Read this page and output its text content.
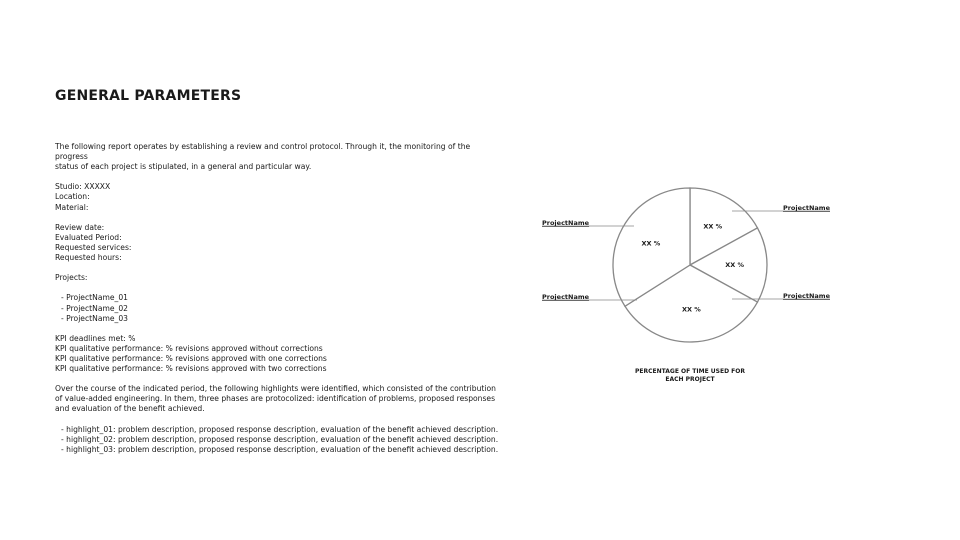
GENERAL PARAMETERS

The following report operates by establishing a review and control protocol. Through it, the monitoring of the progress

status of each project is stipulated, in a general and particular way.

Studio: XXXXX

Location:

Material:

Review date:

Evaluated Period:

Requested services:

Requested hours:

Projects:

- ProjectName_01

- ProjectName_02

- ProjectName_03

KPI deadlines met: %

KPI qualitative performance: % revisions approved without corrections

KPI qualitative performance: % revisions approved with one corrections

KPI qualitative performance: % revisions approved with two corrections

Over the course of the indicated period, the following highlights were identified, which consisted of the contribution

of value-added engineering. In them, three phases are protocolized: identification of problems, proposed responses

and evaluation of the benefit achieved.

- highlight_01: problem description, proposed response description, evaluation of the benefit achieved description.

- highlight_02: problem description, proposed response description, evaluation of the benefit achieved description.

- highlight_03: problem description, proposed response description, evaluation of the benefit achieved description.

XX %
ProjectName
XX %
ProjectName
XX %
ProjectName
XX %
ProjectName
PERCENTAGE OF TIME USED FOR
EACH PROJECT
